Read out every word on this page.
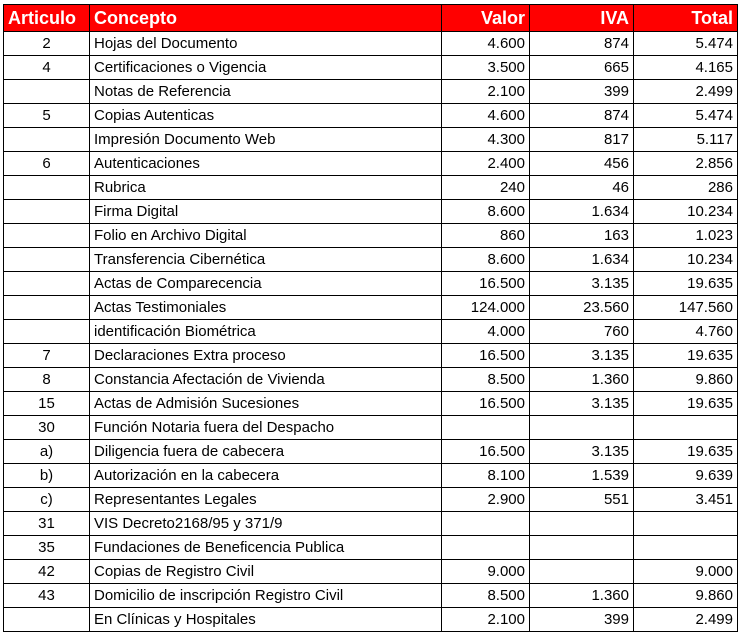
Articulo	Concepto	Valor	IVA	Total
2	Hojas del Documento	4.600	874	5.474
4	Certificaciones o Vigencia	3.500	665	4.165
	Notas de Referencia	2.100	399	2.499
5	Copias Autenticas	4.600	874	5.474
	Impresión Documento Web	4.300	817	5.117
6	Autenticaciones	2.400	456	2.856
	Rubrica	240	46	286
	Firma Digital	8.600	1.634	10.234
	Folio en Archivo Digital	860	163	1.023
	Transferencia Cibernética	8.600	1.634	10.234
	Actas de Comparecencia	16.500	3.135	19.635
	Actas Testimoniales	124.000	23.560	147.560
	identificación Biométrica	4.000	760	4.760
7	Declaraciones Extra proceso	16.500	3.135	19.635
8	Constancia Afectación de Vivienda	8.500	1.360	9.860
15	Actas de Admisión Sucesiones	16.500	3.135	19.635
30	Función Notaria fuera del Despacho			
a)	Diligencia fuera de cabecera	16.500	3.135	19.635
b)	Autorización en la cabecera	8.100	1.539	9.639
c)	Representantes Legales	2.900	551	3.451
31	VIS Decreto2168/95 y 371/9			
35	Fundaciones de Beneficencia Publica			
42	Copias de Registro Civil	9.000		9.000
43	Domicilio de inscripción Registro Civil	8.500	1.360	9.860
	En Clínicas y Hospitales	2.100	399	2.499
